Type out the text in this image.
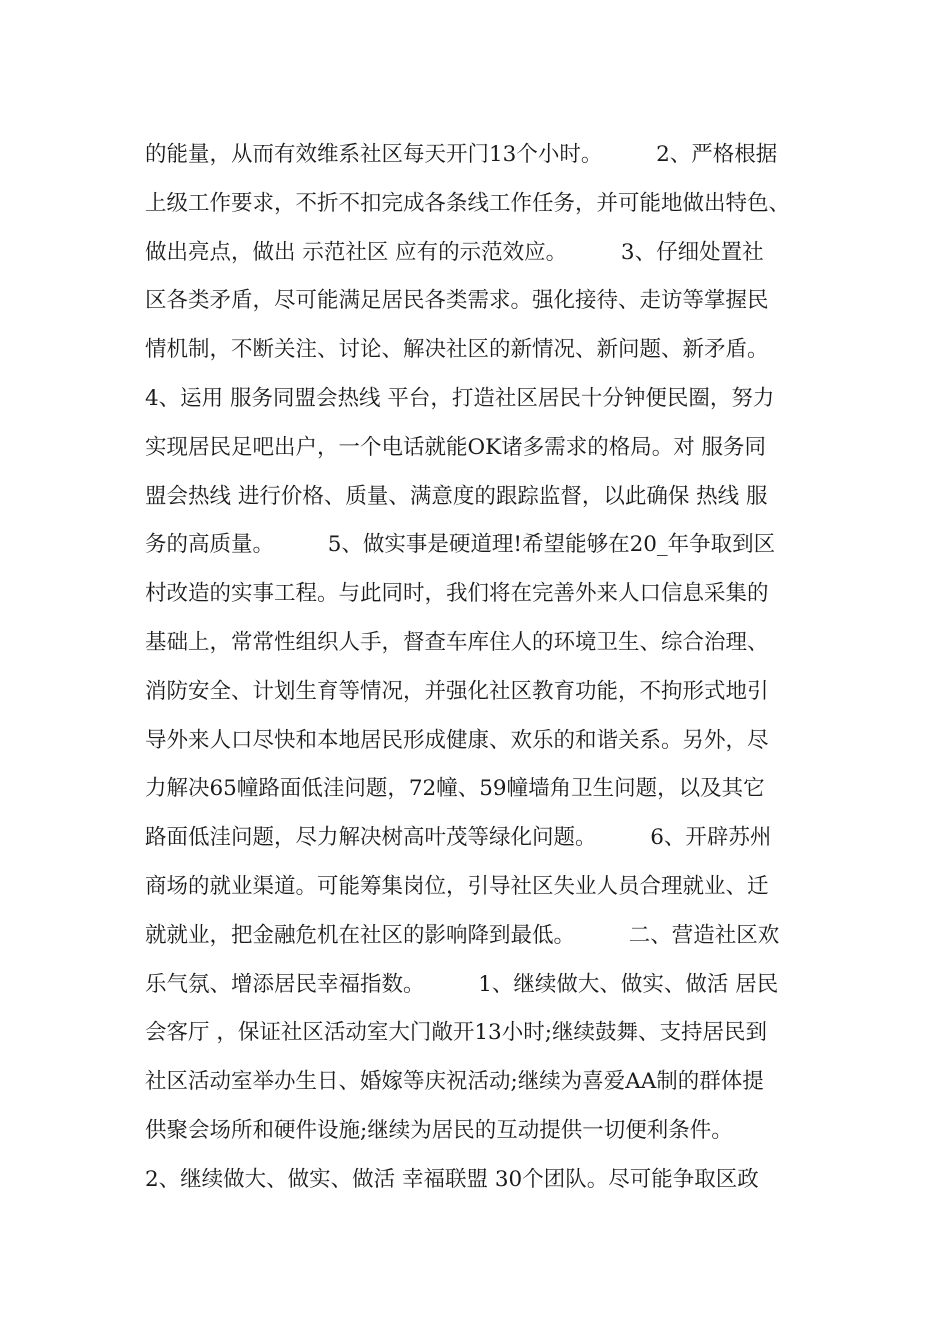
的能量，从而有效维系社区每天开门13个小时。　　　2、严格根据
上级工作要求，不折不扣完成各条线工作任务，并可能地做出特色、
做出亮点，做出 示范社区 应有的示范效应。　　　3、仔细处置社
区各类矛盾，尽可能满足居民各类需求。强化接待、走访等掌握民
情机制，不断关注、讨论、解决社区的新情况、新问题、新矛盾。
4、运用 服务同盟会热线 平台，打造社区居民十分钟便民圈，努力
实现居民足吧出户，一个电话就能OK诸多需求的格局。对 服务同
盟会热线 进行价格、质量、满意度的跟踪监督，以此确保 热线 服
务的高质量。　　　5、做实事是硬道理!希望能够在20_年争取到区
村改造的实事工程。与此同时，我们将在完善外来人口信息采集的
基础上，常常性组织人手，督查车库住人的环境卫生、综合治理、
消防安全、计划生育等情况，并强化社区教育功能，不拘形式地引
导外来人口尽快和本地居民形成健康、欢乐的和谐关系。另外，尽
力解决65幢路面低洼问题，72幢、59幢墙角卫生问题，以及其它
路面低洼问题，尽力解决树高叶茂等绿化问题。　　　6、开辟苏州
商场的就业渠道。可能筹集岗位，引导社区失业人员合理就业、迁
就就业，把金融危机在社区的影响降到最低。　　　二、营造社区欢
乐气氛、增添居民幸福指数。　　　1、继续做大、做实、做活 居民
会客厅 ，保证社区活动室大门敞开13小时;继续鼓舞、支持居民到
社区活动室举办生日、婚嫁等庆祝活动;继续为喜爱AA制的群体提
供聚会场所和硬件设施;继续为居民的互动提供一切便利条件。
2、继续做大、做实、做活 幸福联盟 30个团队。尽可能争取区政
